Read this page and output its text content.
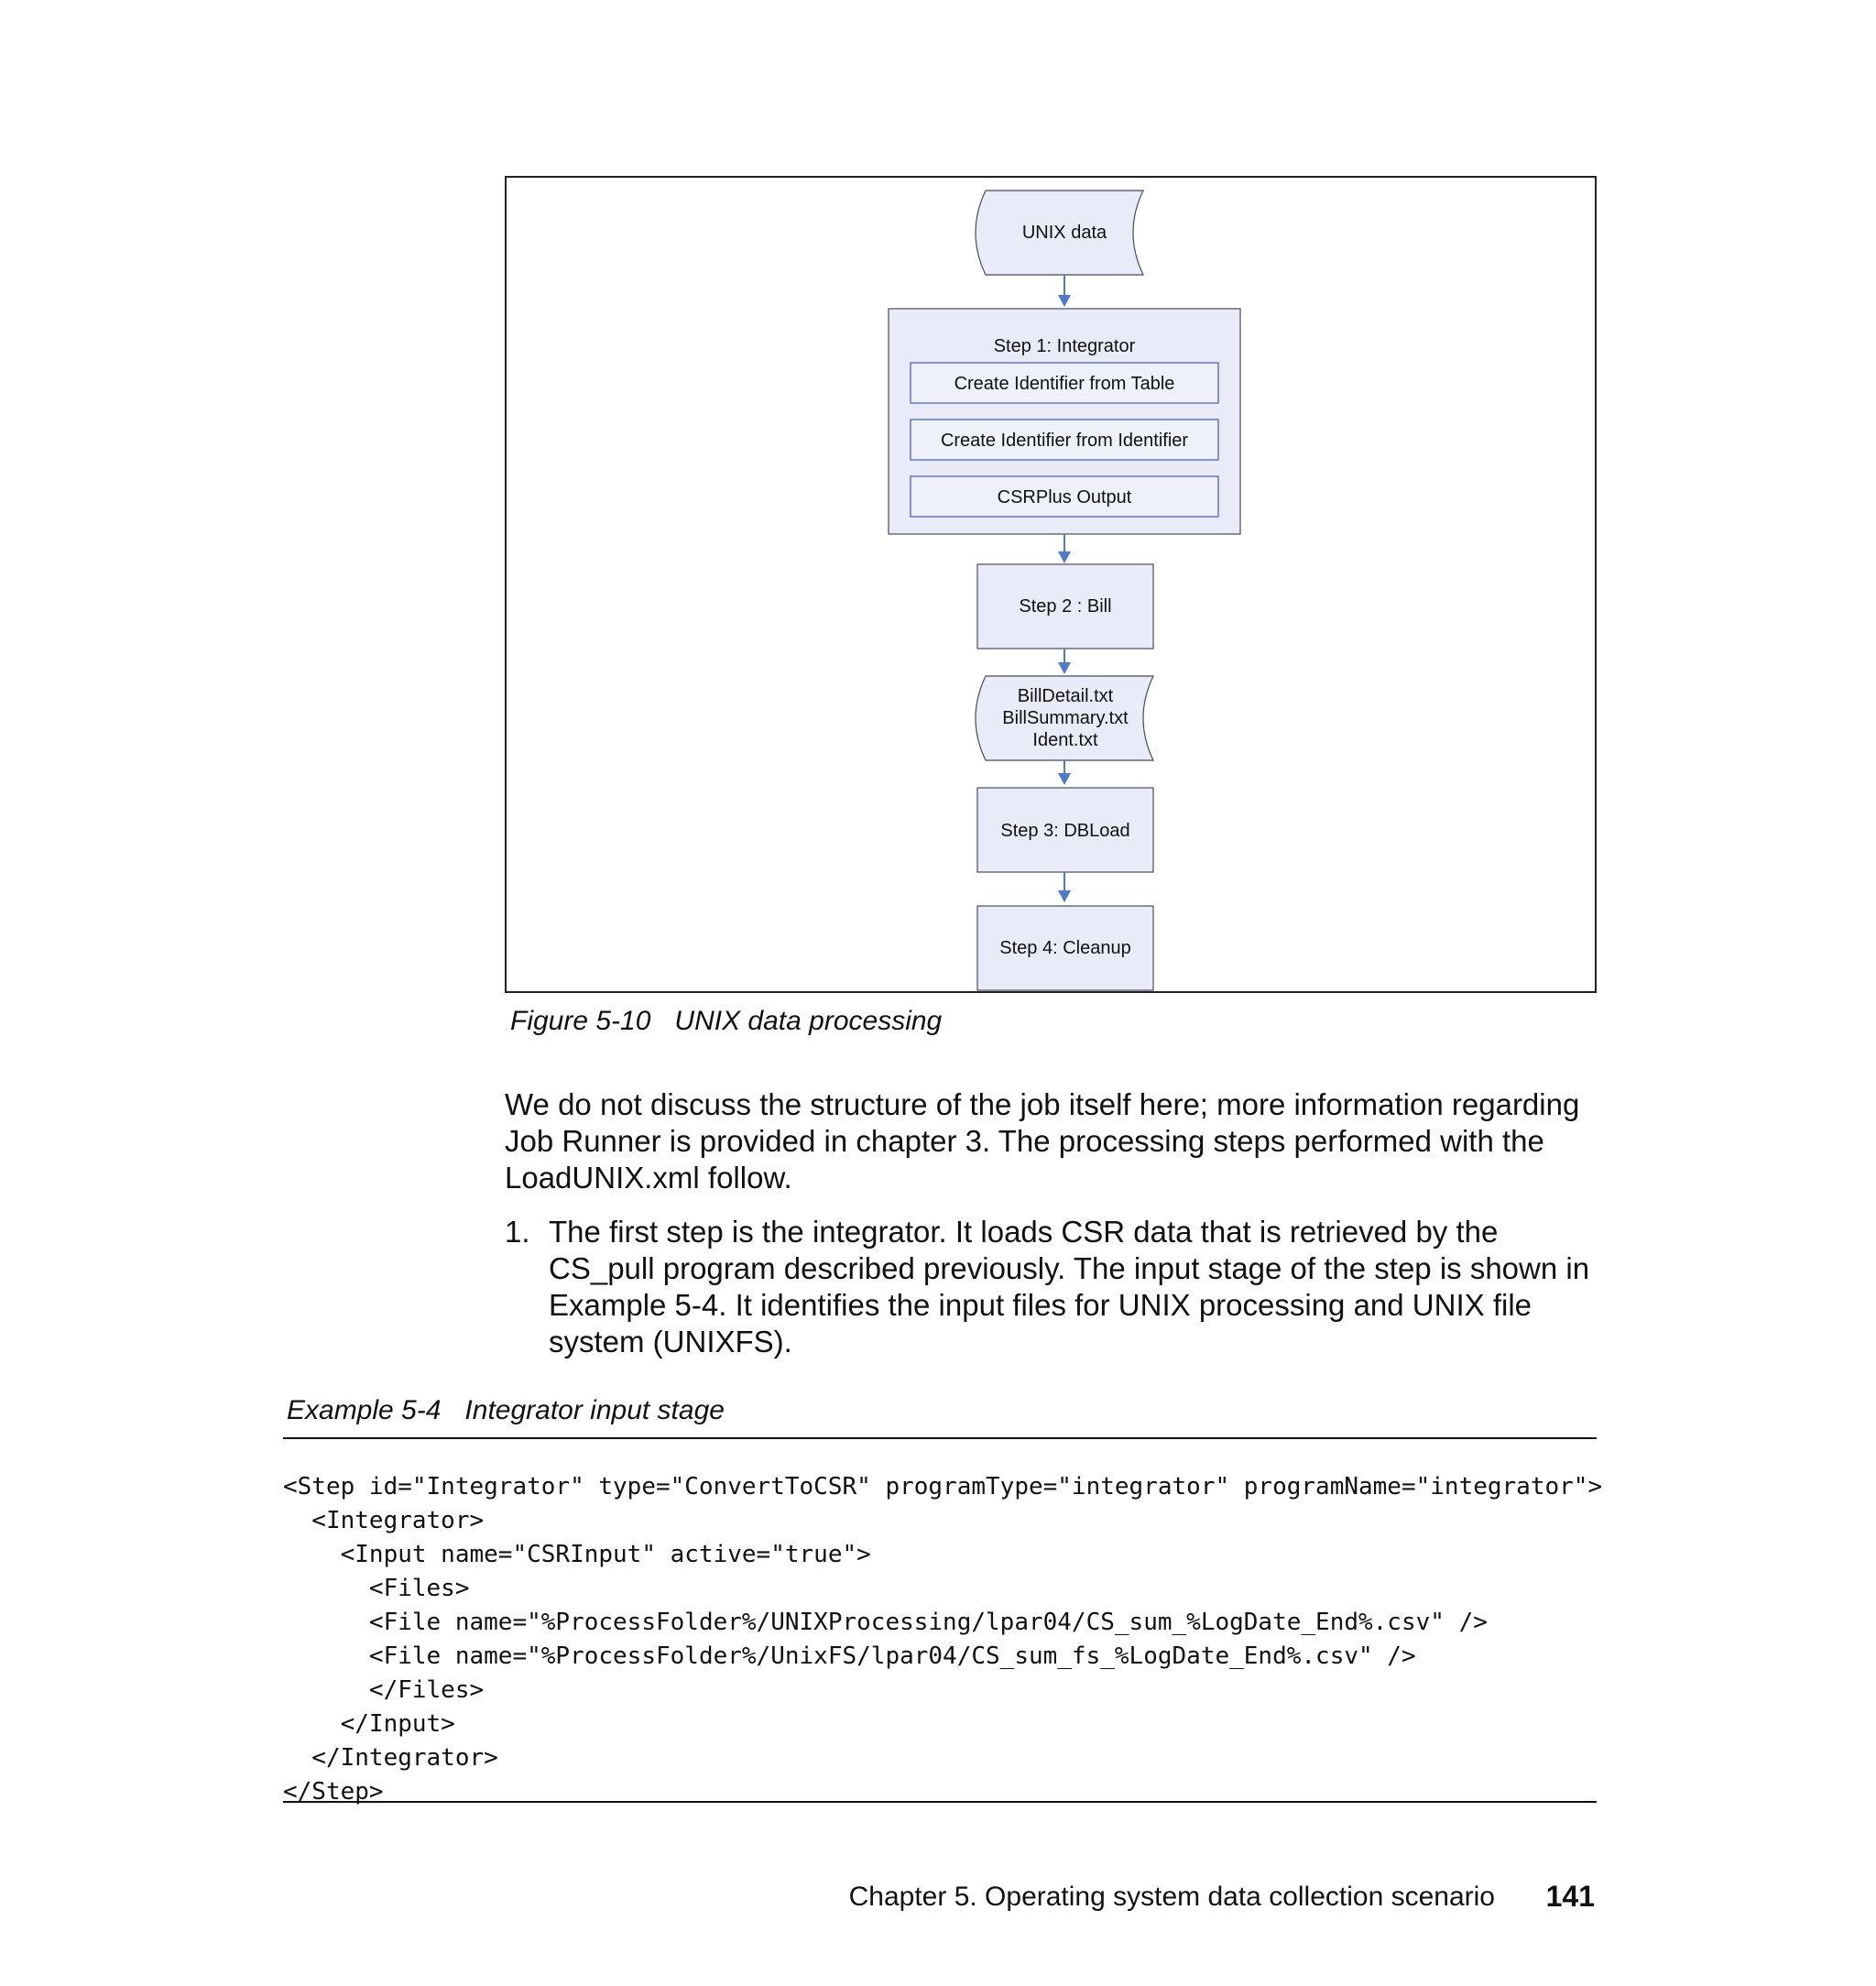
UNIX data
Step 1: Integrator
Create Identifier from Table
Create Identifier from Identifier
CSRPlus Output
Step 2 : Bill
BillDetail.txt
BillSummary.txt
Ident.txt
Step 3: DBLoad
Step 4: Cleanup
Figure 5-10 UNIX data processing
We do not discuss the structure of the job itself here; more information regarding Job Runner is provided in chapter 3. The processing steps performed with the LoadUNIX.xml follow.
1. The first step is the integrator. It loads CSR data that is retrieved by the CS_pull program described previously. The input stage of the step is shown in Example 5-4. It identifies the input files for UNIX processing and UNIX file system (UNIXFS).
Example 5-4 Integrator input stage

<Step id="Integrator" type="ConvertToCSR" programType="integrator" programName="integrator">
<Integrator>
<Input name="CSRInput" active="true">
<Files>
<File name="%ProcessFolder%/UNIXProcessing/lpar04/CS_sum_%LogDate_End%.csv" />
<File name="%ProcessFolder%/UnixFS/lpar04/CS_sum_fs_%LogDate_End%.csv" />
</Files>
</Input>
</Integrator>
</Step>

Chapter 5. Operating system data collection scenario 141
